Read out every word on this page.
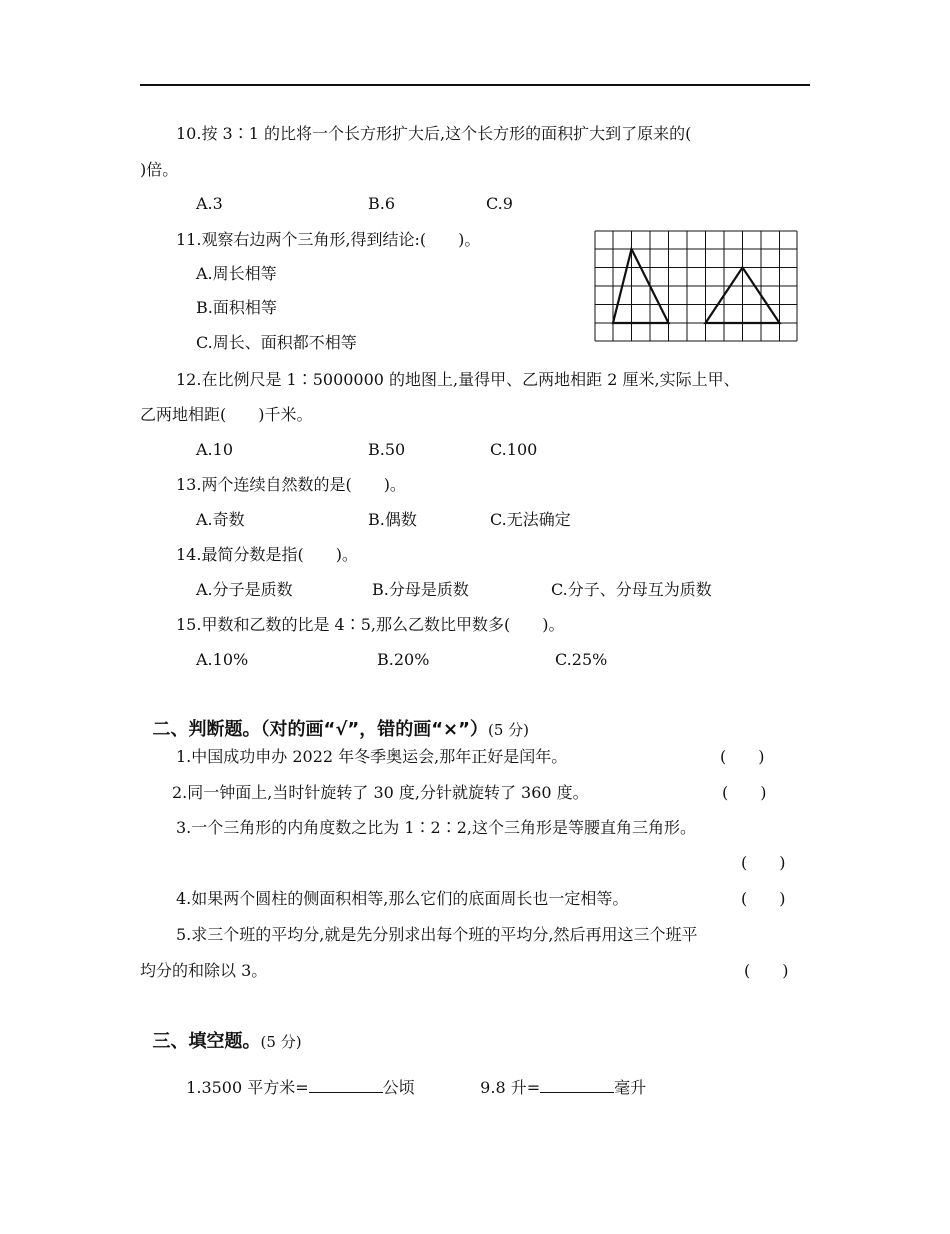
10.按 3∶1 的比将一个长方形扩大后,这个长方形的面积扩大到了原来的(
)倍。
A.3	B.6	C.9
11.观察右边两个三角形,得到结论:(　　)。
A.周长相等
B.面积相等
C.周长、面积都不相等
12.在比例尺是 1∶5000000 的地图上,量得甲、乙两地相距 2 厘米,实际上甲、
乙两地相距(　　)千米。
A.10	B.50	C.100
13.两个连续自然数的是(　　)。
A.奇数	B.偶数	C.无法确定
14.最简分数是指(　　)。
A.分子是质数	B.分母是质数	C.分子、分母互为质数
15.甲数和乙数的比是 4∶5,那么乙数比甲数多(　　)。
A.10%	B.20%	C.25%

二、判断题。（对的画“√”，错的画“×”）(5 分)

1.中国成功申办 2022 年冬季奥运会,那年正好是闰年。	(　　)
2.同一钟面上,当时针旋转了 30 度,分针就旋转了 360 度。	(　　)
3.一个三角形的内角度数之比为 1∶2∶2,这个三角形是等腰直角三角形。
(　　)
4.如果两个圆柱的侧面积相等,那么它们的底面周长也一定相等。	(　　)
5.求三个班的平均分,就是先分别求出每个班的平均分,然后再用这三个班平
均分的和除以 3。	(　　)

三、填空题。(5 分)

1.3500 平方米=	公顷	9.8 升=	毫升
